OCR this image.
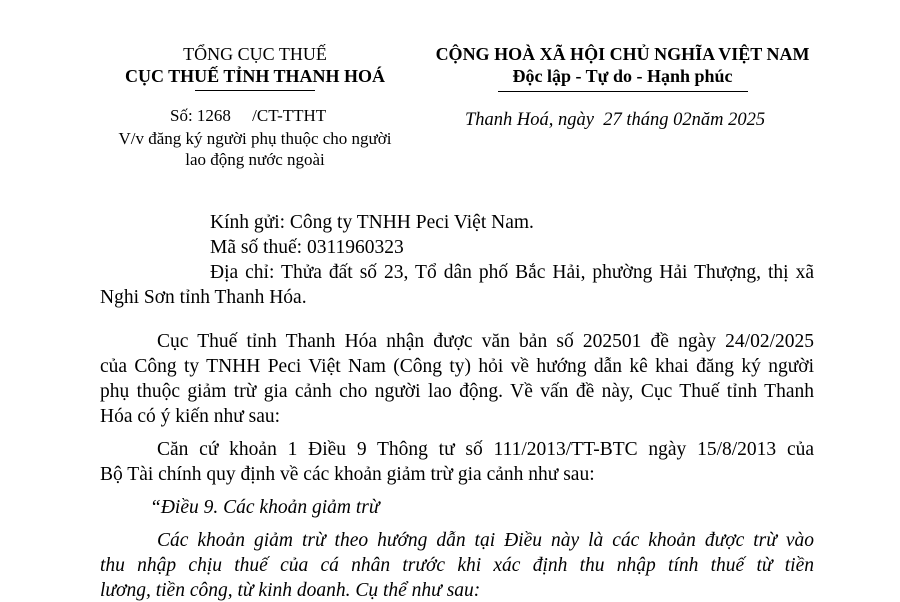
TỔNG CỤC THUẾ
CỤC THUẾ TỈNH THANH HOÁ
Số: 1268     /CT-TTHT
V/v đăng ký người phụ thuộc cho người
lao động nước ngoài
CỘNG HOÀ XÃ HỘI CHỦ NGHĨA VIỆT NAM
Độc lập - Tự do - Hạnh phúc
Thanh Hoá, ngày  27 tháng 02năm 2025
Kính gửi: Công ty TNHH Peci Việt Nam.
Mã số thuế: 0311960323
Địa chỉ: Thửa đất số 23, Tổ dân phố Bắc Hải, phường Hải Thượng, thị xã
Nghi Sơn tỉnh Thanh Hóa.
Cục Thuế tỉnh Thanh Hóa nhận được văn bản số 202501 đề ngày 24/02/2025
của Công ty TNHH Peci Việt Nam (Công ty) hỏi về hướng dẫn kê khai đăng ký người
phụ thuộc giảm trừ gia cảnh cho người lao động. Về vấn đề này, Cục Thuế tỉnh Thanh
Hóa có ý kiến như sau:
Căn cứ khoản 1 Điều 9 Thông tư số 111/2013/TT-BTC ngày 15/8/2013 của
Bộ Tài chính quy định về các khoản giảm trừ gia cảnh như sau:
“Điều 9. Các khoản giảm trừ
Các khoản giảm trừ theo hướng dẫn tại Điều này là các khoản được trừ vào
thu nhập chịu thuế của cá nhân trước khi xác định thu nhập tính thuế từ tiền
lương, tiền công, từ kinh doanh. Cụ thể như sau:
